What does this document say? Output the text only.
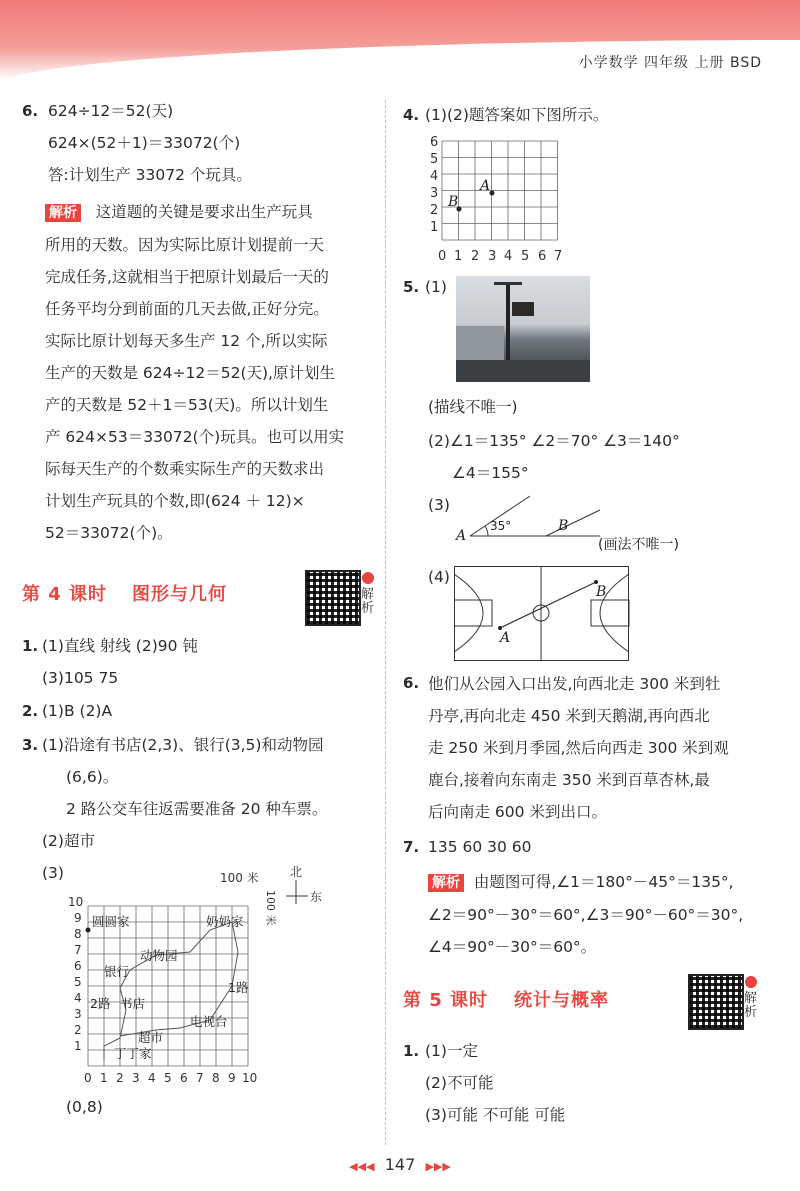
小学数学 四年级 上册 BSD
6. 624÷12＝52(天)
624×(52＋1)＝33072(个)
答:计划生产 33072 个玩具。
解析 这道题的关键是要求出生产玩具
所用的天数。因为实际比原计划提前一天
完成任务,这就相当于把原计划最后一天的
任务平均分到前面的几天去做,正好分完。
实际比原计划每天多生产 12 个,所以实际
生产的天数是 624÷12＝52(天),原计划生
产的天数是 52＋1＝53(天)。所以计划生
产 624×53＝33072(个)玩具。也可以用实
际每天生产的个数乘实际生产的天数求出
计划生产玩具的个数,即(624 ＋ 12)×
52＝33072(个)。
第 4 课时 图形与几何	解析
1. (1)直线 射线 (2)90 钝
(3)105 75
2. (1)B (2)A
3. (1)沿途有书店(2,3)、银行(3,5)和动物园
(6,6)。
2 路公交车往返需要准备 20 种车票。
(2)超市
(3)
(0,8)
0 1 2 3 4 5 6 7 8 9 10
1
2
3
4
5
6
7
8
9
10
圆圆家	奶奶家
动物园
银行
2路 书店
1路
电视台
超市
丁丁家
100 米
100 米
北
东
4. (1)(2)题答案如下图所示。
0 1 2 3 4 5 6 7
1
2
3
4
5
6
A
B
5. (1)
(描线不唯一)
(2)∠1＝135° ∠2＝70° ∠3＝140°
∠4＝155°
(3)
35°
A
B
(画法不唯一)
(4)
A
B
6. 他们从公园入口出发,向西北走 300 米到牡
丹亭,再向北走 450 米到天鹅湖,再向西北
走 250 米到月季园,然后向西走 300 米到观
鹿台,接着向东南走 350 米到百草杏林,最
后向南走 600 米到出口。
7. 135 60 30 60
解析 由题图可得,∠1＝180°－45°＝135°,
∠2＝90°－30°＝60°,∠3＝90°－60°＝30°,
∠4＝90°－30°＝60°。
第 5 课时 统计与概率	解析
1. (1)一定
(2)不可能
(3)可能 不可能 可能
◀◀◀ 147 ▶▶▶
